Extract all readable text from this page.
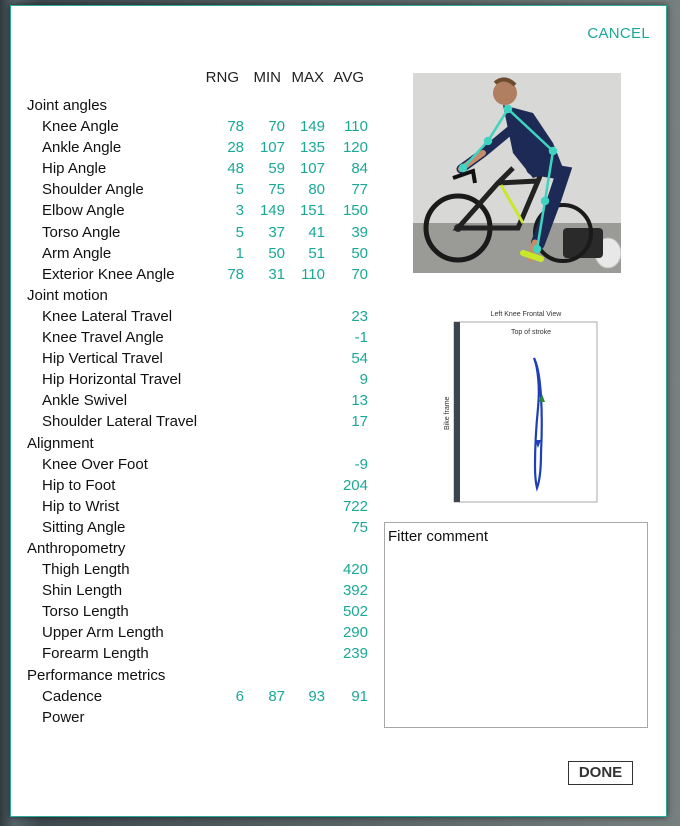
CANCEL
RNG MIN MAX AVG
Joint angles
Knee Angle	78	70 149	110
Ankle Angle	28	107 135	120
Hip Angle	48	59 107	84
Shoulder Angle	5	75	80	77
Elbow Angle	3	149 151	150
Torso Angle	5	37	41	39
Arm Angle	1	50	51	50
Exterior Knee Angle	78	31	110	70
Joint motion
Knee Lateral Travel	23
Knee Travel Angle	-1
Hip Vertical Travel	54
Hip Horizontal Travel	9
Ankle Swivel	13
Shoulder Lateral Travel	17
Alignment
Knee Over Foot	-9
Hip to Foot	204
Hip to Wrist	722
Sitting Angle	75
Anthropometry
Thigh Length	420
Shin Length	392
Torso Length	502
Upper Arm Length	290
Forearm Length	239
Performance metrics
Cadence	6	87	93	91
Power
Left Knee Frontal View
Top of stroke
Bike frame
Fitter comment
DONE
